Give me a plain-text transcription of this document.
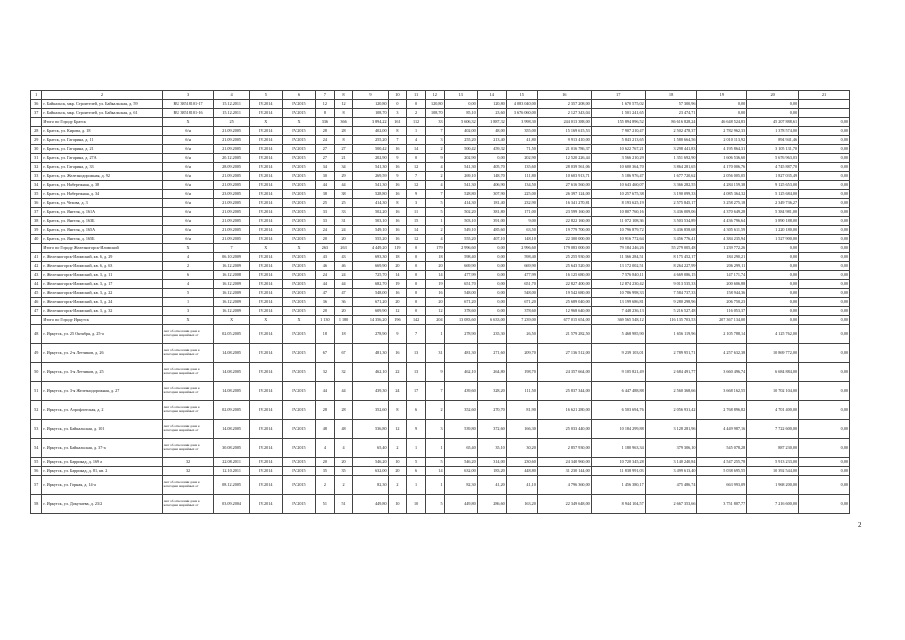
1	2	3	4	5	6	7	8	9	10	11	12	13	14	15	16	17	18	19	20	21
36	г. Байкальск, мкр. Строителей, ул. Байкальская, д. 59	RU 38518101-17	15.12.2011	IV.2014	IV.2015	12	12	120,80	0	0	120,80	0,00	120,80	4 083 040,00	2 357 208,00	1 670 575,02	57 300,96	0,00	0,00	
37	г. Байкальск, мкр. Строителей, ул. Байкальская, д. 61	RU 38518101-16	15.12.2011	IV.2014	IV.2015	8	8	108,70	3	2	108,70	85,10	23,60	3 676 060,00	2 127 343,04	1 501 241,65	23 474,71	0,00	0,00	
	Итого по Городу Братск	X	25	X	X	336	366	3 894,22	161	112	33	5 606,32	1 887,32	3 998,30	244 013 388,00	155 894 896,52	86 616 828,24	46 648 524,83	45 207 888,61	0,00
28	г. Братск, ул. Кирова, д. 18	б/н	21.09.2005	IV.2014	IV.2015	28	28	402,00	8	1	7	402,00	48,00	355,00	15 169 615,53	7 907 210,47	2 502 478,37	2 782 962,33	1 378 574,00	0,00
29	г. Братск, ул. Гагарина, д. 11	б/н	21.09.2005	IV.2014	IV.2015	24	8	255,20	7	4	3	255,20	213,40	41,80	9 913 410,00	5 843 213,65	1 580 664,56	2 010 113,92	894 941,46	0,00
30	г. Братск, ул. Гагарина, д. 21	б/н	21.09.2005	IV.2014	IV.2015	27	27	500,42	16	14	2	500,42	459,32	71,50	21 016 786,37	10 622 767,21	3 298 441,83	4 195 864,31	3 105 131,70	0,00
31	г. Братск, ул. Гагарина, д. 27А	б/н	20.12.2005	IV.2014	IV.2015	27	21	202,90	9	0	9	202,90	0,00	202,90	12 520 226,44	3 566 210,29	1 351 692,90	1 606 536,60	5 676 963,03	0,00
32	г. Братск, ул. Гагарина, д. 33	б/н	28.09.2005	IV.2014	IV.2015	34	34	541,30	16	12	4	541,30	405,70	135,60	28 039 561,06	10 600 364,70	3 864 281,65	4 170 006,76	4 745 887,70	0,00
33	г. Братск, ул. Железнодорожная, д. 92	б/н	21.09.2005	IV.2014	IV.2015	30	29	269,59	9	7	2	269,10	148,70	111,80	10 603 913,71	5 186 976,47	1 677 720,62	2 056 005,05	1 827 035,49	0,00
34	г. Братск, ул. Набережная, д. 38	б/н	21.09.2005	IV.2014	IV.2015	44	44	541,30	16	12	4	541,30	406,90	134,50	27 616 560,00	10 643 460,07	3 366 282,55	4 284 159,38	9 125 653,00	0,00
35	г. Братск, ул. Набережная, д. 34	б/н	23.09.2005	IV.2014	IV.2015	38	38	528,80	16	9	7	528,80	307,90	225,00	26 397 124,00	10 257 675,38	3 190 099,33	4 085 364,32	5 125 684,00	0,00
36	г. Братск, ул. Чехова, д. 3	б/н	21.09.2005	IV.2014	IV.2015	25	25	414,30	8	3	5	414,30	181,40	232,90	16 341 270,81	8 193 625,19	2 575 845,17	3 258 275,18	2 349 736,27	0,00
37	г. Братск, ул. Янгеля, д. 161А	б/н	21.09.2005	IV.2014	IV.2015	33	33	502,20	16	11	5	502,20	381,80	171,00	23 599 160,00	10 807 760,16	3 436 009,06	4 370 649,28	5 384 981,00	0,00
38	г. Братск, ул. Янгеля, д. 163Б	б/н	21.09.2005	IV.2014	IV.2015	33	31	503,10	16	15	1	503,10	391,00	9,00	22 822 160,00	11 072 108,36	3 503 534,89	4 436 796,64	3 890 188,00	0,00
39	г. Братск, ул. Янгеля, д. 165А	б/н	21.09.2005	IV.2014	IV.2015	24	24	549,10	16	14	2	549,10	485,60	63,50	19 779 700,00	10 796 879,72	3 436 858,68	4 305 611,59	1 220 180,00	0,00
40	г. Братск, ул. Янгеля, д. 165Б	б/н	21.09.2005	IV.2014	IV.2015	20	20	555,20	16	12	4	555,20	407,10	148,10	22 300 000,00	10 916 772,64	3 456 776,41	4 384 235,94	1 527 900,00	0,00
	Итого по Городу Железногорск-Илимский	X	7	X	X	263	263	4 449,20	119	0	179	2 996,60	0,00	2 996,60	179 083 000,00	79 184 246,26	55 279 005,48	1 239 772,26	0,00	0,00
41	г. Железногорск-Илимский, кв. 6, д. 29	4	06.10.2009	IV.2014	IV.2015	43	43	693,30	18	0	18	598,40	0,00	598,40	25 255 930,00	11 366 284,51	8 175 452,17	184 290,21	0,00	0,00
42	г. Железногорск-Илимский, кв. 6, д. 63	2	16.12.2009	IV.2014	IV.2015	46	46	669,90	20	0	20	669,90	0,00	669,90	25 643 520,00	13 172 002,51	8 264 227,99	206 299,11	0,00	0,00
43	г. Железногорск-Илимский, кв. 3, д. 11	6	16.12.2008	IV.2014	IV.2015	24	24	725,70	14	0	14	477,99	0,00	477,99	16 125 680,00	7 576 840,11	4 669 086,15	147 171,74	0,00	0,00
44	г. Железногорск-Илимский, кв. 3, д. 17	4	16.12.2009	IV.2014	IV.2015	44	44	682,70	19	0	19	651,70	0,00	651,70	22 827 400,00	12 874 230,42	9 013 535,33	200 606,88	0,00	0,00
45	г. Железногорск-Илимский, кв. 3, д. 22	5	16.12.2009	IV.2014	IV.2015	47	47	548,00	16	0	16	548,00	0,00	548,00	19 542 680,00	10 786 998,33	7 584 737,33	158 944,36	0,00	0,00
46	г. Железногорск-Илимский, кв. 3, д. 24	1	16.12.2009	IV.2014	IV.2015	36	36	671,20	20	0	20	671,20	0,00	671,20	25 689 040,00	13 199 686,81	9 280 298,96	206 750,23	0,00	0,00
47	г. Железногорск-Илимский, кв. 3, д. 32	3	16.12.2009	IV.2014	IV.2015	20	20	609,90	12	0	12	378,60	0,00	378,60	12 968 640,00	7 448 236,13	5 216 527,48	116 053,37	0,00	0,00
	Итого по Городу Иркутск	X	X	X	X	1 130	1 180	14 356,20	196	142	204	13 083,60	6 633,00	7 239,00	677 015 654,00	369 565 548,12	116 135 703,53	207 367 134,00	0,00	0,00
48	г. Иркутск, ул. 25 Октября, д. 25-а	Акт об отнесении дома к категории аварийных от	02.05.2005	IV.2014	IV.2015	18	18	278,90	9	7	1	278,90	235,30	26,50	21 579 282,50	5 468 985,90	1 656 119,96	2 105 788,14	4 125 762,00	0,00
49	г. Иркутск, ул. 2-я Летчиков, д. 26	Акт об отнесении дома к категории аварийных от	14.08.2005	IV.2014	IV.2015	67	67	481,30	16	13	31	481,30	271,60	209,70	27 136 512,00	9 239 103,01	2 789 951,71	4 257 632,38	10 869 772,00	0,00
50	г. Иркутск, ул. 3-я Летчиков, д. 25	Акт об отнесении дома к категории аварийных от	14.08.2005	IV.2014	IV.2015	32	32	462,10	22	13	9	462,10	264,80	198,70	24 357 664,00	9 105 821,49	2 684 491,77	3 660 496,74	6 684 884,00	0,00
51	г. Иркутск, ул. 3-я Железнодорожная, д. 27	Акт об отнесении дома к категории аварийных от	14.08.2005	IV.2014	IV.2015	44	44	439,30	24	17	7	439,60	328,20	111,50	25 837 344,00	6 447 488,88	2 560 368,66	3 668 162,55	10 702 104,00	0,00
52	г. Иркутск, ул. Аэрофлотская, д. 2	Акт об отнесении дома к категории аварийных от	02.09.2005	IV.2014	IV.2015	28	28	352,60	8	6	2	352,60	270,70	81,90	16 621 280,00	6 503 694,76	2 056 931,42	2 768 896,82	4 701 400,00	0,00
53	г. Иркутск, ул. Байкальская, д. 101	Акт об отнесении дома к категории аварийных от	14.08.2005	IV.2014	IV.2015	48	48	536,80	12	9	3	539,80	372,60	166,30	25 033 440,00	10 184 299,88	3 128 281,96	4 449 987,16	7 722 600,00	0,00
54	г. Иркутск, ул. Байкальская, д. 37-а	Акт об отнесении дома к категории аварийных от	30.08.2005	IV.2014	IV.2015	4	4	65,40	2	1	1	65,40	35,10	30,20	2 857 930,00	1 180 963,34	379 306,10	545 078,28	887 230,00	0,00
55	г. Иркутск, ул. Баррикад, д. 169 а	32	22.08.2011	IV.2014	IV.2015	20	20	546,20	10	5	5	546,20	314,00	230,60	24 340 960,00	10 720 345,28	3 140 240,84	4 547 255,78	5 913 233,00	0,00
56	г. Иркутск, ул. Баррикад, д. 81, кв. 2	32	12.10.2011	IV.2014	IV.2015	35	35	632,00	20	6	14	632,00	183,20	448,80	31 230 144,00	11 838 991,03	3 499 613,40	5 038 695,55	10 392 544,00	0,00
57	г. Иркутск, ул. Горная, д. 14-а	Акт об отнесении дома к категории аварийных от	08.12.2005	IV.2014	IV.2015	2	2	82,30	2	1	1	82,30	41,20	41,10	4 796 360,00	1 456 380,17	475 486,74	663 993,09	1 968 200,00	0,00
58	г. Иркутск, ул. Докучаева, д. 23/2	Акт об отнесении дома к категории аварийных от	03.09.2004	IV.2014	IV.2015	51	51	449,80	10	10	5	449,80	286,60	163,20	22 349 648,00	8 944 104,57	2 667 353,66	3 751 807,77	7 216 600,00	0,00
2
